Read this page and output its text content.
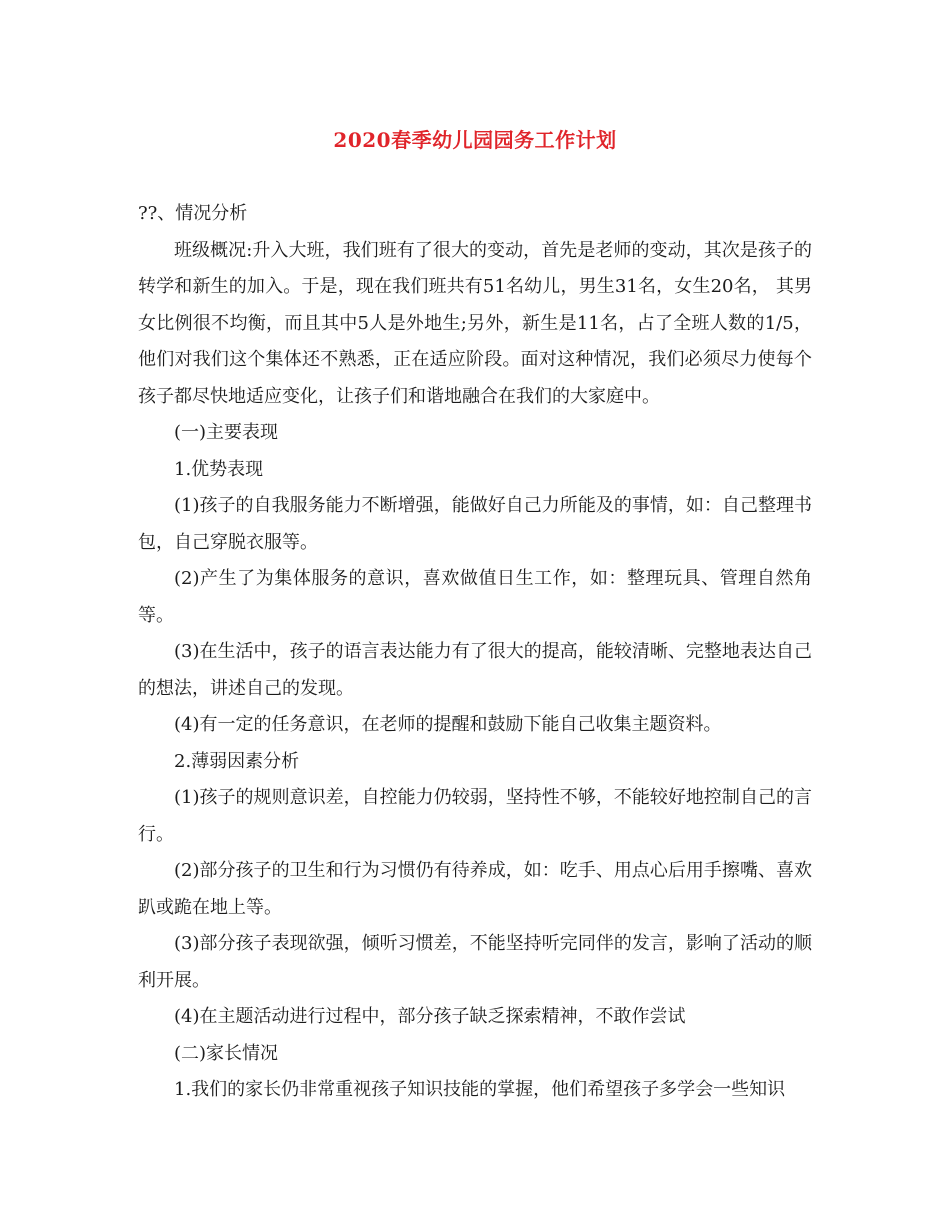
2020春季幼儿园园务工作计划

??、情况分析

班级概况:升入大班，我们班有了很大的变动，首先是老师的变动，其次是孩子的转学和新生的加入。于是，现在我们班共有51名幼儿，男生31名，女生20名， 其男女比例很不均衡，而且其中5人是外地生;另外，新生是11名，占了全班人数的1/5，他们对我们这个集体还不熟悉，正在适应阶段。面对这种情况，我们必须尽力使每个孩子都尽快地适应变化，让孩子们和谐地融合在我们的大家庭中。

(一)主要表现

1.优势表现

(1)孩子的自我服务能力不断增强，能做好自己力所能及的事情，如：自己整理书包，自己穿脱衣服等。

(2)产生了为集体服务的意识，喜欢做值日生工作，如：整理玩具、管理自然角等。

(3)在生活中，孩子的语言表达能力有了很大的提高，能较清晰、完整地表达自己的想法，讲述自己的发现。

(4)有一定的任务意识，在老师的提醒和鼓励下能自己收集主题资料。

2.薄弱因素分析

(1)孩子的规则意识差，自控能力仍较弱，坚持性不够，不能较好地控制自己的言行。

(2)部分孩子的卫生和行为习惯仍有待养成，如：吃手、用点心后用手擦嘴、喜欢趴或跪在地上等。

(3)部分孩子表现欲强，倾听习惯差，不能坚持听完同伴的发言，影响了活动的顺利开展。

(4)在主题活动进行过程中，部分孩子缺乏探索精神，不敢作尝试

(二)家长情况

1.我们的家长仍非常重视孩子知识技能的掌握，他们希望孩子多学会一些知识
